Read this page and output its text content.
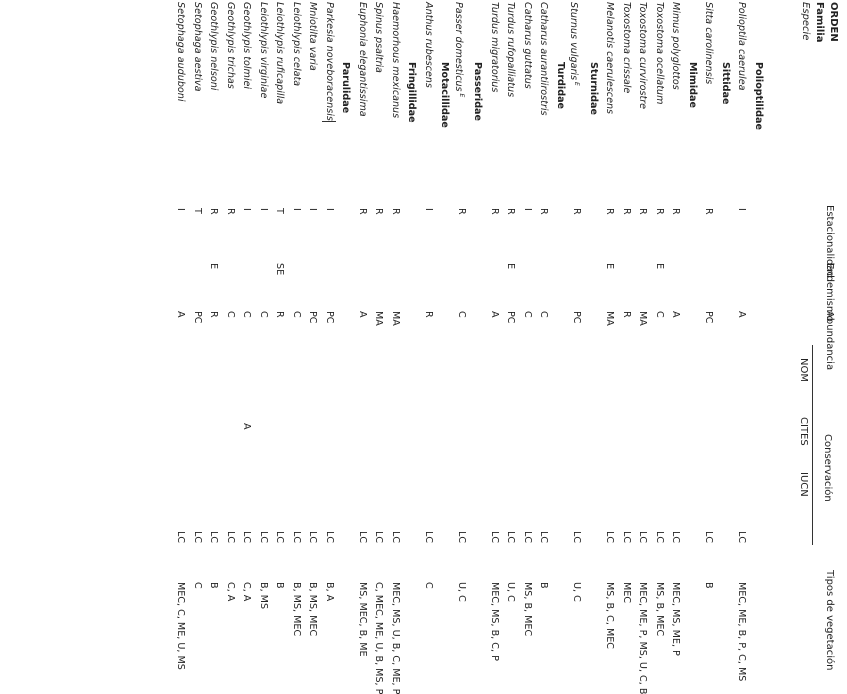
ORDEN
Familia
Especie
Estacionalidad
Endemismo
Abundancia
Conservación
NOM
CITES
IUCN
Tipos de vegetación
Polioptilidae
Polioptila caerulea
I
A
LC
MEC, ME, B, P, C, MS
Sittidae
Sitta carolinensis
R
PC
LC
B
Mimidae
Mimus polyglottos
R
A
LC
MEC, MS, ME, P
Toxostoma ocellatum
R
E
C
LC
MS, B, MEC
Toxostoma curvirostre
R
MA
LC
MEC, ME, P, MS, U, C, B
Toxostoma crissale
R
R
LC
MEC
Melanotis caerulescens
R
E
MA
LC
MS, B, C, MEC
Sturnidae
Sturnus vulgaris $^E$
R
PC
LC
U, C
Turdidae
Catharus aurantiirostris
R
C
LC
B
Catharus guttatus
I
C
LC
MS, B, MEC
Turdus rufopalliatus
R
E
PC
LC
U, C
Turdus migratorius
R
A
LC
MEC, MS, B, C, P
Passeridae
Passer domesticus $^E$
R
C
LC
U, C
Motacillidae
Anthus rubescens
I
R
LC
C
Fringillidae
Haemorhous mexicanus
R
MA
LC
MEC, MS, U, B, C, ME, P
Spinus psaltria
R
MA
LC
C, MEC, ME, U, B, MS, P
Euphonia elegantissima
R
A
LC
MS, MEC, B, ME
Parulidae
Parkesia noveboracensis
I
PC
LC
B, A
Mniotilta varia
I
PC
LC
B, MS, MEC
Leiothlypis celata
I
C
LC
B, MS, MEC
Leiothlypis ruficapilla
T
SE
R
LC
B
Leiothlypis virginiae
I
C
LC
B, MS
Geothlypis tolmiei
I
C
A
LC
C, A
Geothlypis trichas
R
C
LC
C, A
Geothlypis nelsoni
R
E
R
LC
B
Setophaga aestiva
T
PC
LC
C
Setophaga auduboni
I
A
LC
MEC, C, ME, U, MS
